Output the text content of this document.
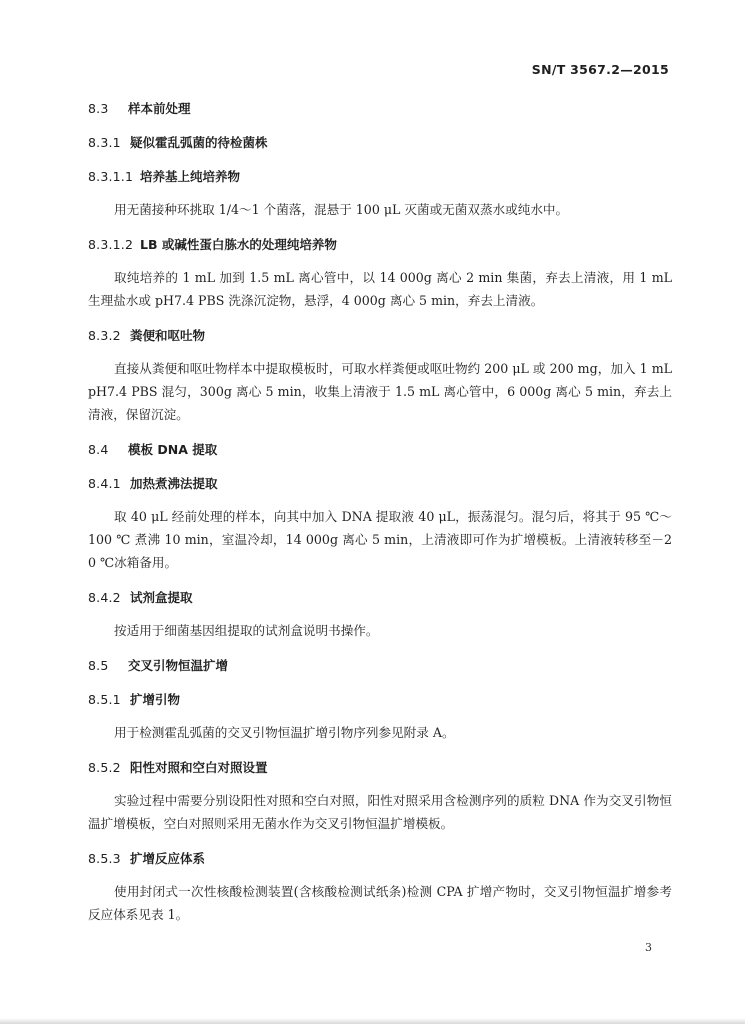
SN/T 3567.2—2015
8.3 样本前处理
8.3.1 疑似霍乱弧菌的待检菌株
8.3.1.1 培养基上纯培养物

用无菌接种环挑取 1/4～1 个菌落，混悬于 100 μL 灭菌或无菌双蒸水或纯水中。

8.3.1.2 LB 或碱性蛋白胨水的处理纯培养物

取纯培养的 1 mL 加到 1.5 mL 离心管中，以 14 000g 离心 2 min 集菌，弃去上清液，用 1 mL 生理盐水或 pH7.4 PBS 洗涤沉淀物，悬浮，4 000g 离心 5 min，弃去上清液。

8.3.2 粪便和呕吐物

直接从粪便和呕吐物样本中提取模板时，可取水样粪便或呕吐物约 200 μL 或 200 mg，加入 1 mL pH7.4 PBS 混匀，300g 离心 5 min，收集上清液于 1.5 mL 离心管中，6 000g 离心 5 min，弃去上清液，保留沉淀。

8.4 模板 DNA 提取
8.4.1 加热煮沸法提取

取 40 μL 经前处理的样本，向其中加入 DNA 提取液 40 μL，振荡混匀。混匀后，将其于 95 ℃～100 ℃ 煮沸 10 min，室温冷却，14 000g 离心 5 min，上清液即可作为扩增模板。上清液转移至－20 ℃冰箱备用。

8.4.2 试剂盒提取

按适用于细菌基因组提取的试剂盒说明书操作。

8.5 交叉引物恒温扩增
8.5.1 扩增引物

用于检测霍乱弧菌的交叉引物恒温扩增引物序列参见附录 A。

8.5.2 阳性对照和空白对照设置

实验过程中需要分别设阳性对照和空白对照，阳性对照采用含检测序列的质粒 DNA 作为交叉引物恒温扩增模板，空白对照则采用无菌水作为交叉引物恒温扩增模板。

8.5.3 扩增反应体系

使用封闭式一次性核酸检测装置(含核酸检测试纸条)检测 CPA 扩增产物时，交叉引物恒温扩增参考反应体系见表 1。

3
